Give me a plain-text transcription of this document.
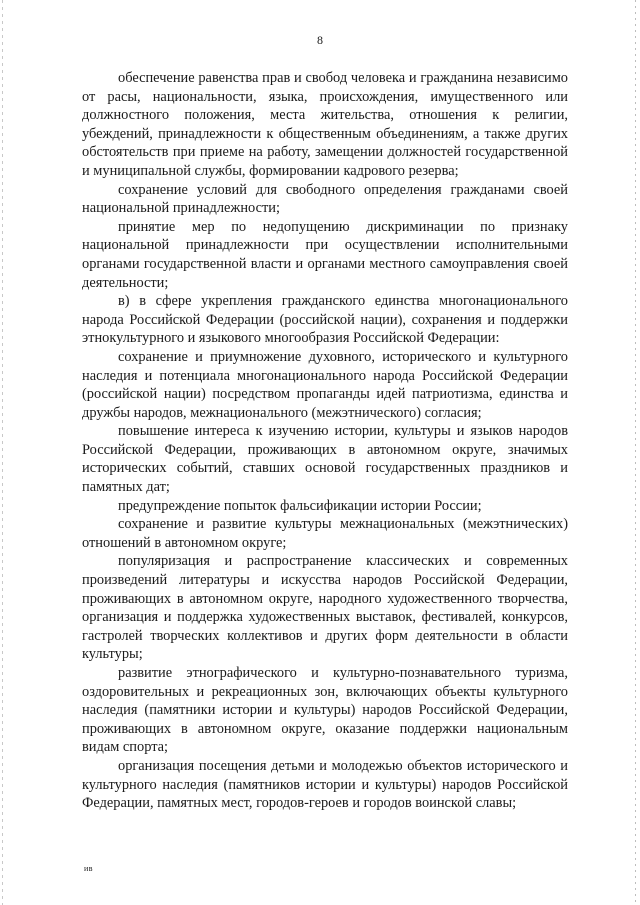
8

обеспечение равенства прав и свобод человека и гражданина независимо от расы, национальности, языка, происхождения, имущественного или должностного положения, места жительства, отношения к религии, убеждений, принадлежности к общественным объединениям, а также других обстоятельств при приеме на работу, замещении должностей государственной и муниципальной службы, формировании кадрового резерва;

сохранение условий для свободного определения гражданами своей национальной принадлежности;

принятие мер по недопущению дискриминации по признаку национальной принадлежности при осуществлении исполнительными органами государственной власти и органами местного самоуправления своей деятельности;

в) в сфере укрепления гражданского единства многонационального народа Российской Федерации (российской нации), сохранения и поддержки этнокультурного и языкового многообразия Российской Федерации:

сохранение и приумножение духовного, исторического и культурного наследия и потенциала многонационального народа Российской Федерации (российской нации) посредством пропаганды идей патриотизма, единства и дружбы народов, межнационального (межэтнического) согласия;

повышение интереса к изучению истории, культуры и языков народов Российской Федерации, проживающих в автономном округе, значимых исторических событий, ставших основой государственных праздников и памятных дат;

предупреждение попыток фальсификации истории России;

сохранение и развитие культуры межнациональных (межэтнических) отношений в автономном округе;

популяризация и распространение классических и современных произведений литературы и искусства народов Российской Федерации, проживающих в автономном округе, народного художественного творчества, организация и поддержка художественных выставок, фестивалей, конкурсов, гастролей творческих коллективов и других форм деятельности в области культуры;

развитие этнографического и культурно-познавательного туризма, оздоровительных и рекреационных зон, включающих объекты культурного наследия (памятники истории и культуры) народов Российской Федерации, проживающих в автономном округе, оказание поддержки национальным видам спорта;

организация посещения детьми и молодежью объектов исторического и культурного наследия (памятников истории и культуры) народов Российской Федерации, памятных мест, городов-героев и городов воинской славы;

ив
